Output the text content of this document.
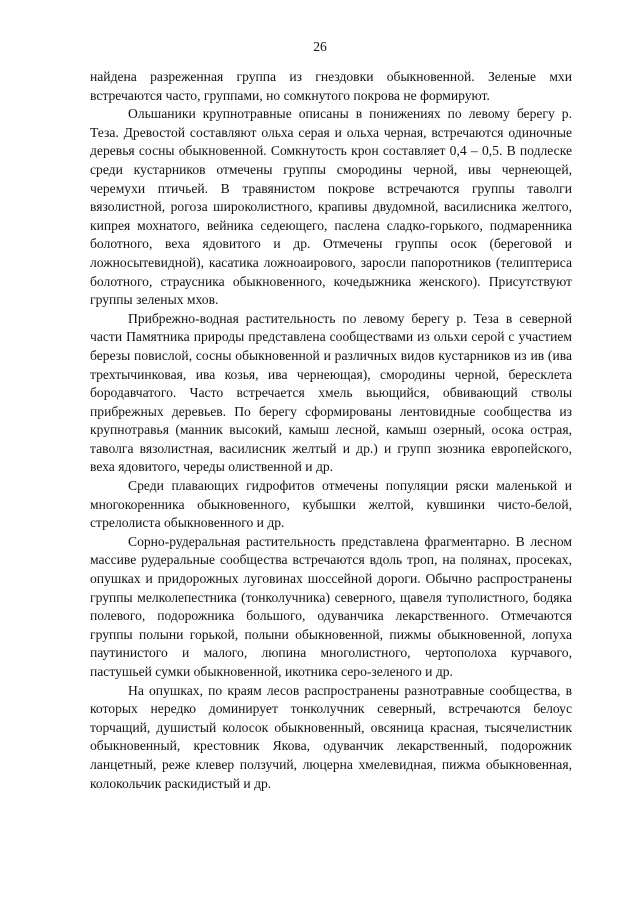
26

найдена разреженная группа из гнездовки обыкновенной. Зеленые мхи встречаются часто, группами, но сомкнутого покрова не формируют.

Ольшаники крупнотравные описаны в понижениях по левому берегу р. Теза. Древостой составляют ольха серая и ольха черная, встречаются одиночные деревья сосны обыкновенной. Сомкнутость крон составляет 0,4 – 0,5. В подлеске среди кустарников отмечены группы смородины черной, ивы чернеющей, черемухи птичьей. В травянистом покрове встречаются группы таволги вязолистной, рогоза широколистного, крапивы двудомной, василисника желтого, кипрея мохнатого, вейника седеющего, паслена сладко-горького, подмаренника болотного, веха ядовитого и др. Отмечены группы осок (береговой и ложносытевидной), касатика ложноаирового, заросли папоротников (телиптериса болотного, страусника обыкновенного, кочедыжника женского). Присутствуют группы зеленых мхов.

Прибрежно-водная растительность по левому берегу р. Теза в северной части Памятника природы представлена сообществами из ольхи серой с участием березы повислой, сосны обыкновенной и различных видов кустарников из ив (ива трехтычинковая, ива козья, ива чернеющая), смородины черной, бересклета бородавчатого. Часто встречается хмель вьющийся, обвивающий стволы прибрежных деревьев. По берегу сформированы лентовидные сообщества из крупнотравья (манник высокий, камыш лесной, камыш озерный, осока острая, таволга вязолистная, василисник желтый и др.) и групп зюзника европейского, веха ядовитого, череды олиственной и др.

Среди плавающих гидрофитов отмечены популяции ряски маленькой и многокоренника обыкновенного, кубышки желтой, кувшинки чисто-белой, стрелолиста обыкновенного и др.

Сорно-рудеральная растительность представлена фрагментарно. В лесном массиве рудеральные сообщества встречаются вдоль троп, на полянах, просеках, опушках и придорожных луговинах шоссейной дороги. Обычно распространены группы мелколепестника (тонколучника) северного, щавеля туполистного, бодяка полевого, подорожника большого, одуванчика лекарственного. Отмечаются группы полыни горькой, полыни обыкновенной, пижмы обыкновенной, лопуха паутинистого и малого, люпина многолистного, чертополоха курчавого, пастушьей сумки обыкновенной, икотника серо-зеленого и др.

На опушках, по краям лесов распространены разнотравные сообщества, в которых нередко доминирует тонколучник северный, встречаются белоус торчащий, душистый колосок обыкновенный, овсяница красная, тысячелистник обыкновенный, крестовник Якова, одуванчик лекарственный, подорожник ланцетный, реже клевер ползучий, люцерна хмелевидная, пижма обыкновенная, колокольчик раскидистый и др.
